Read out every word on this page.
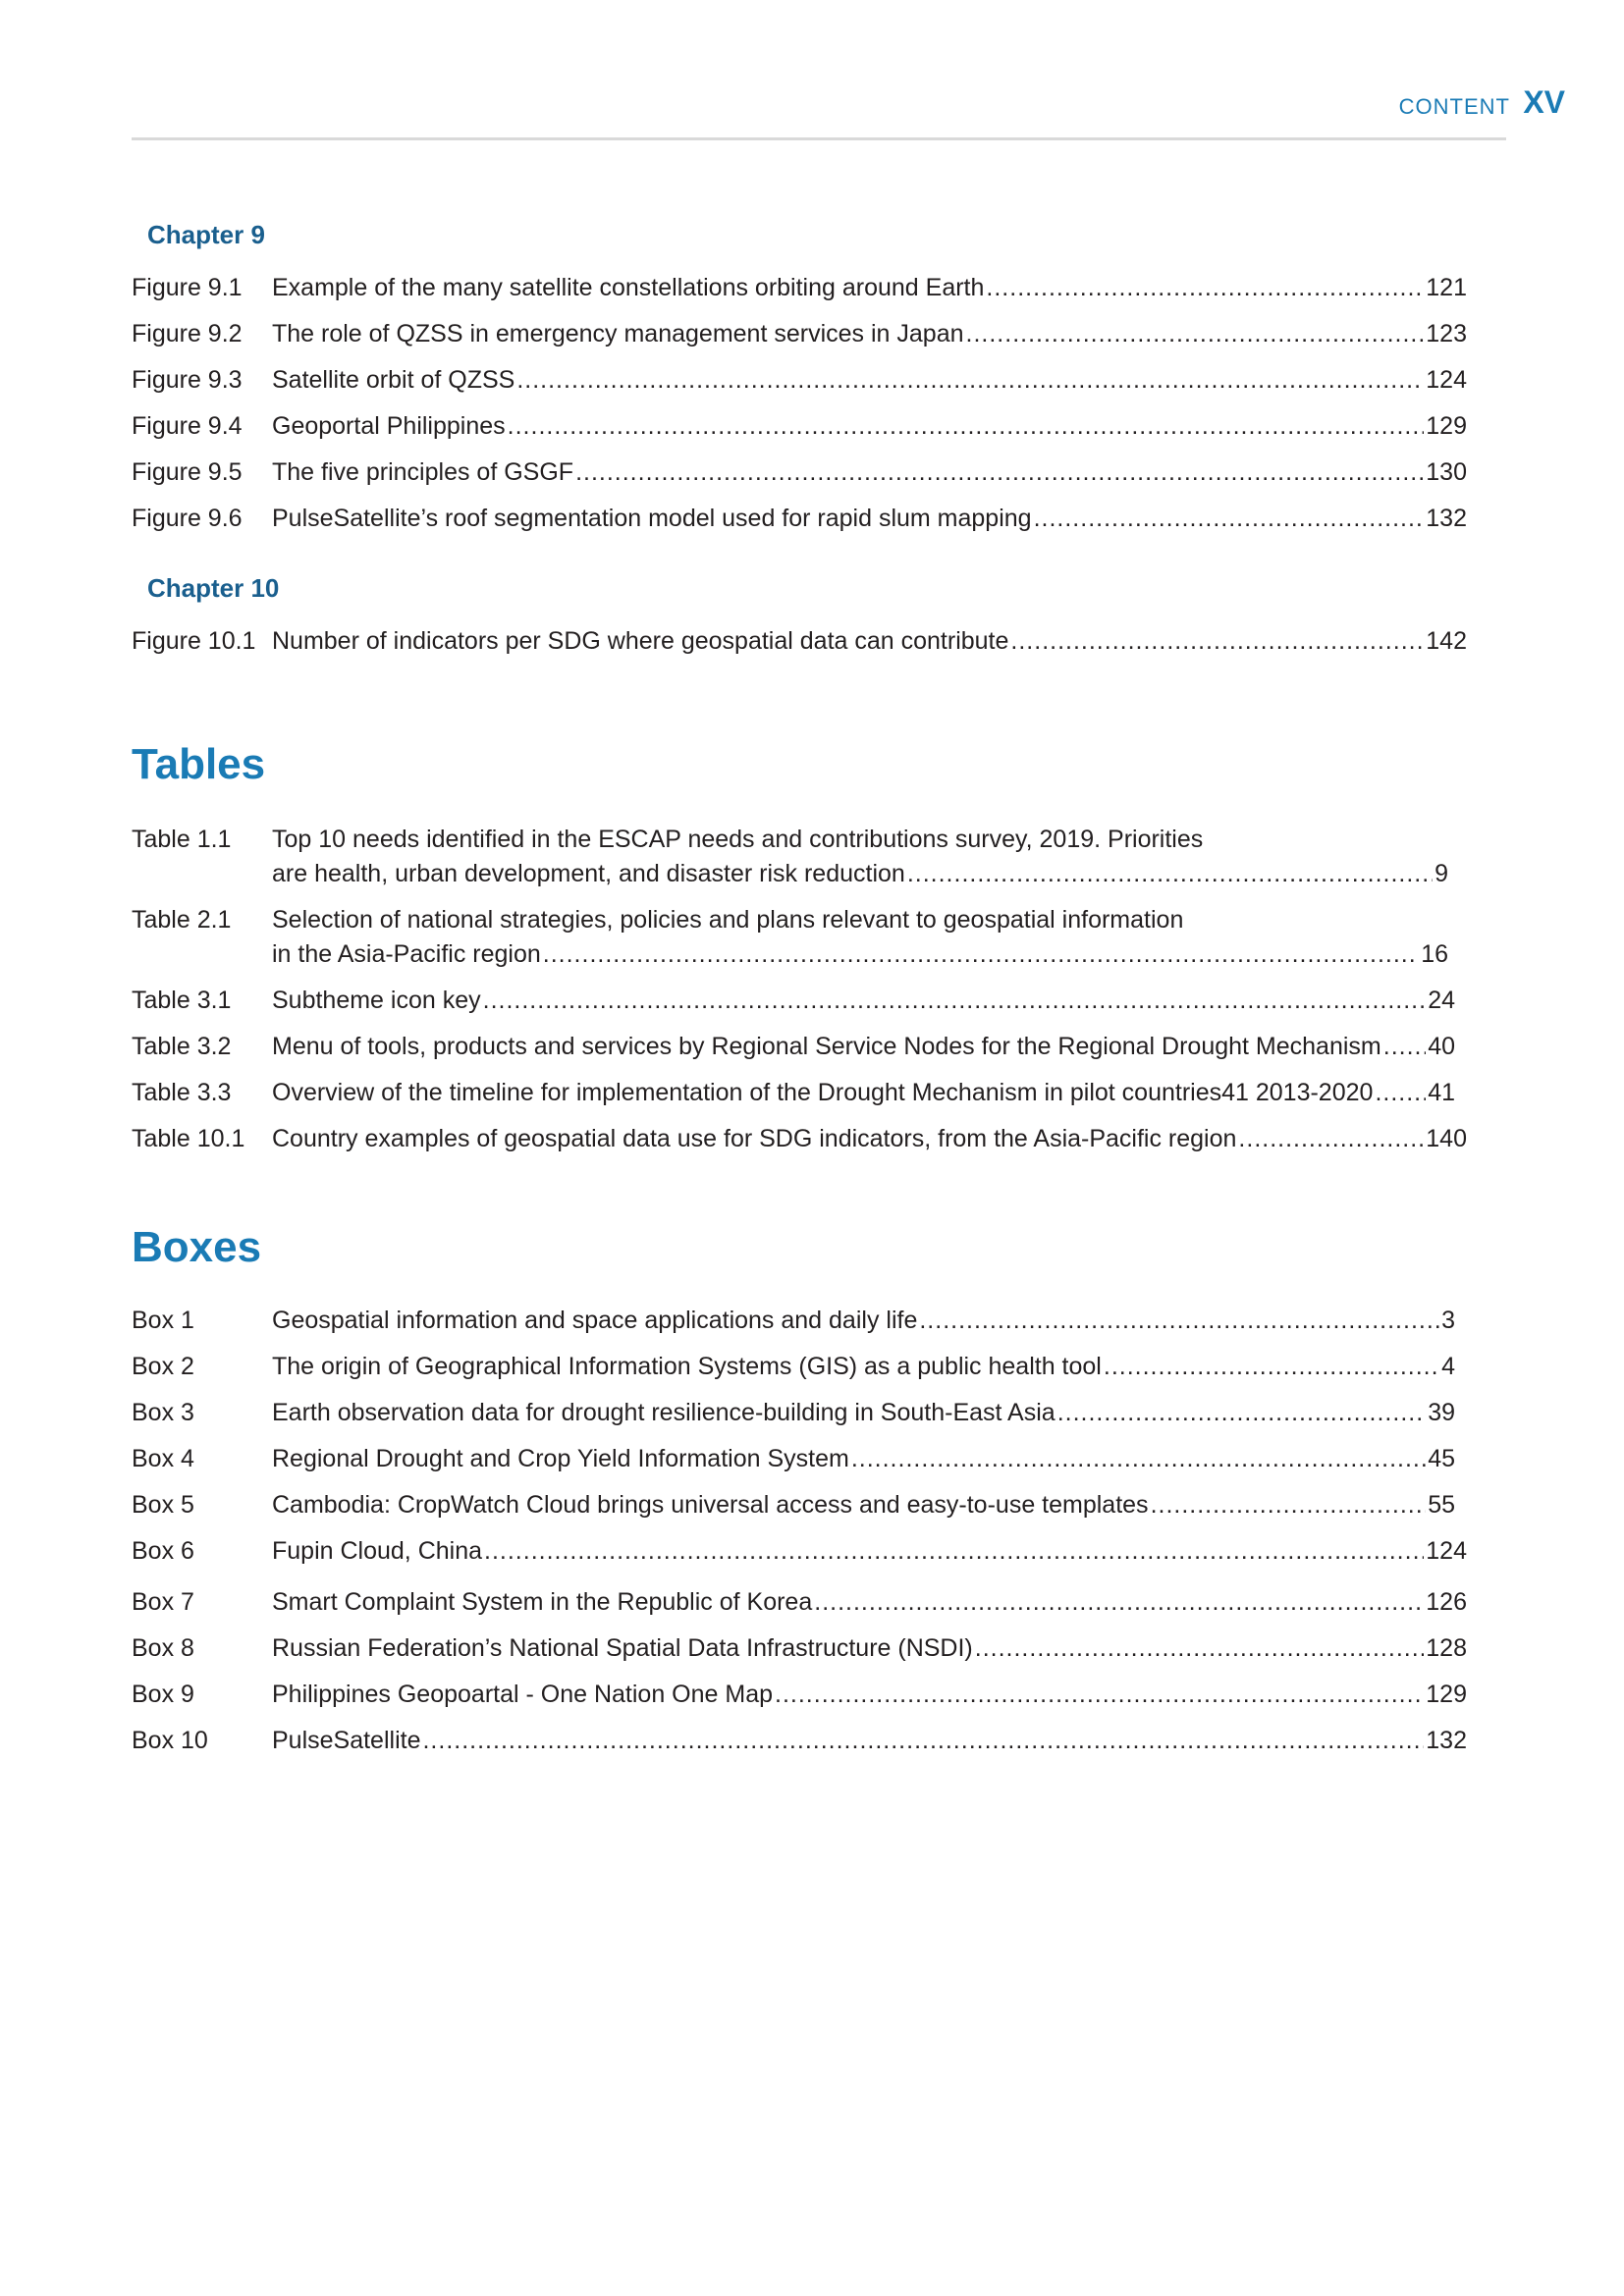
CONTENT XV
Chapter 9
Figure 9.1 Example of the many satellite constellations orbiting around Earth .....	121
Figure 9.2 The role of QZSS in emergency management services in Japan .....	123
Figure 9.3 Satellite orbit of QZSS .....	124
Figure 9.4 Geoportal Philippines .....	129
Figure 9.5 The five principles of GSGF .....	130
Figure 9.6 PulseSatellite’s roof segmentation model used for rapid slum mapping .....	132
Chapter 10
Figure 10.1 Number of indicators per SDG where geospatial data can contribute .....	142
Tables
Table 1.1 Top 10 needs identified in the ESCAP needs and contributions survey, 2019. Priorities
are health, urban development, and disaster risk reduction .....	9
Table 2.1 Selection of national strategies, policies and plans relevant to geospatial information
in the Asia-Pacific region .....	16
Table 3.1 Subtheme icon key .....	24
Table 3.2 Menu of tools, products and services by Regional Service Nodes for the Regional Drought Mechanism ..... 40
Table 3.3 Overview of the timeline for implementation of the Drought Mechanism in pilot countries41 2013-2020 ..... 41
Table 10.1 Country examples of geospatial data use for SDG indicators, from the Asia-Pacific region .....	140
Boxes
Box 1	Geospatial information and space applications and daily life .....	3
Box 2	The origin of Geographical Information Systems (GIS) as a public health tool .....	4
Box 3	Earth observation data for drought resilience-building in South-East Asia .....	39
Box 4	Regional Drought and Crop Yield Information System .....	45
Box 5	Cambodia: CropWatch Cloud brings universal access and easy-to-use templates .....	55
Box 6	Fupin Cloud, China .....	124
Box 7	Smart Complaint System in the Republic of Korea .....	126
Box 8	Russian Federation’s National Spatial Data Infrastructure (NSDI) .....	128
Box 9	Philippines Geopoartal - One Nation One Map .....	129
Box 10	PulseSatellite .....	132
